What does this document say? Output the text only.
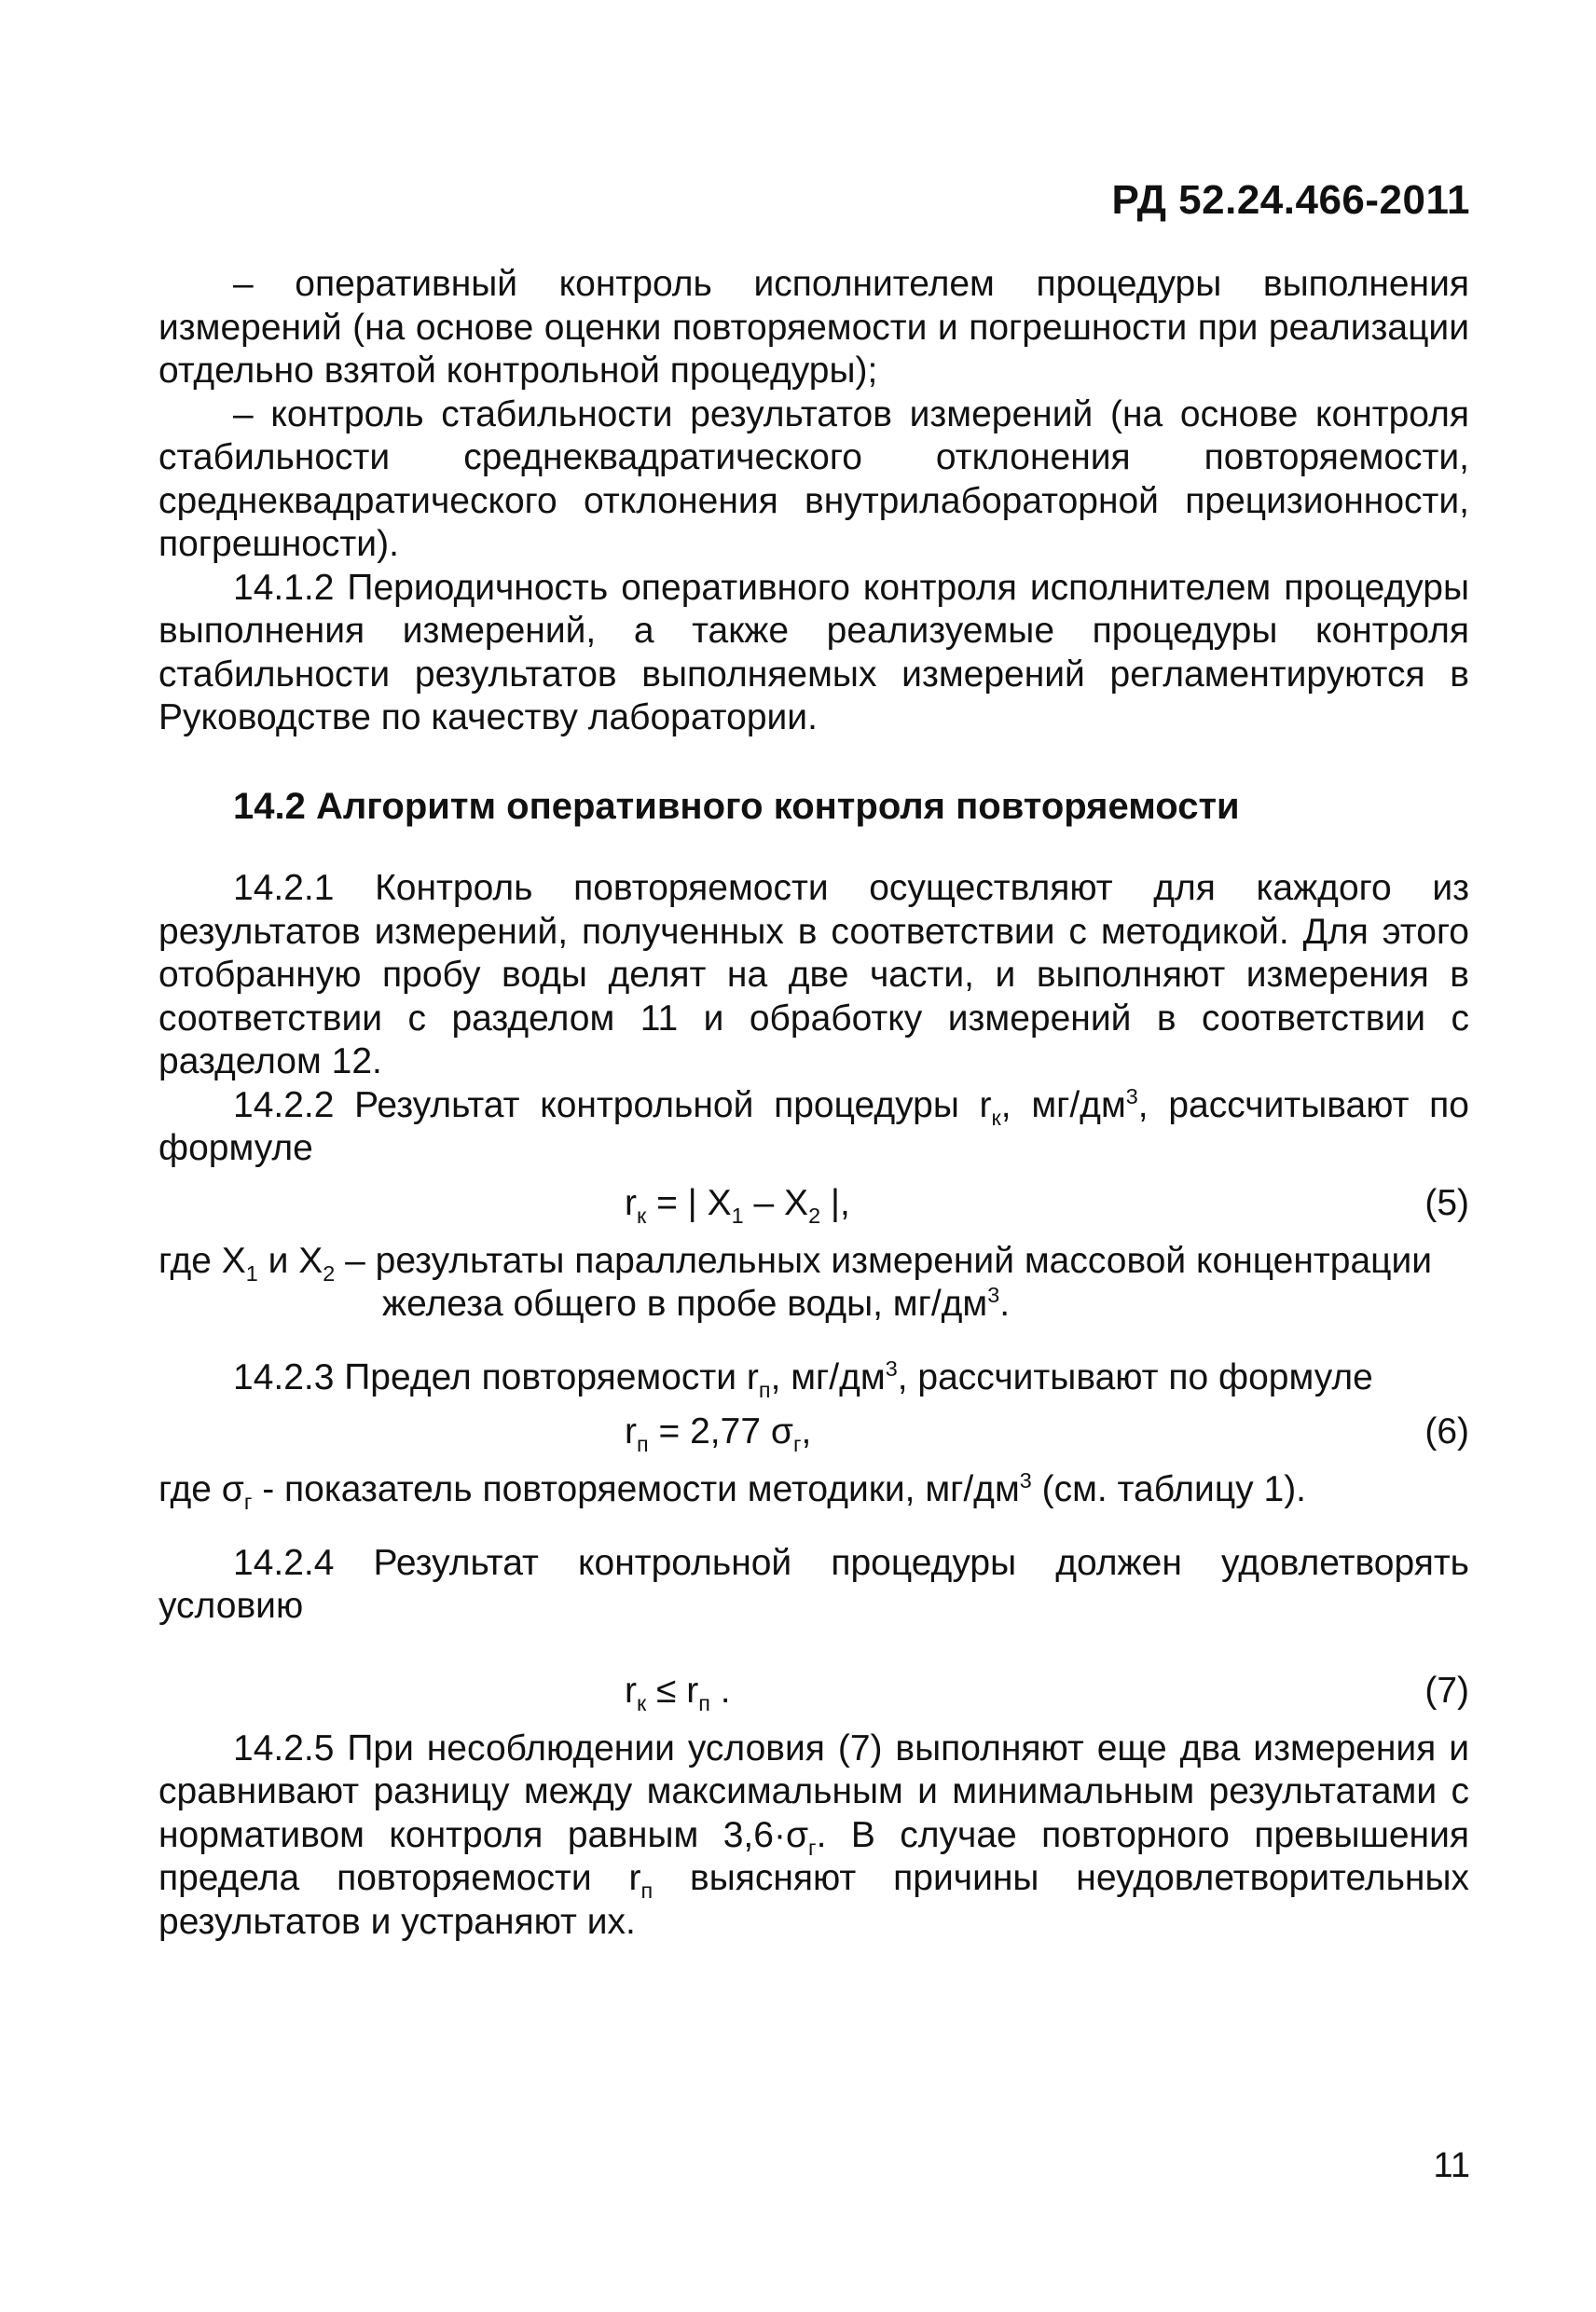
РД 52.24.466-2011

– оперативный контроль исполнителем процедуры выполнения измерений (на основе оценки повторяемости и погрешности при реализации отдельно взятой контрольной процедуры);

– контроль стабильности результатов измерений (на основе контроля стабильности среднеквадратического отклонения повторяемости, среднеквадратического отклонения внутрилабораторной прецизионности, погрешности).

14.1.2 Периодичность оперативного контроля исполнителем процедуры выполнения измерений, а также реализуемые процедуры контроля стабильности результатов выполняемых измерений регламентируются в Руководстве по качеству лаборатории.

14.2 Алгоритм оперативного контроля повторяемости

14.2.1 Контроль повторяемости осуществляют для каждого из результатов измерений, полученных в соответствии с методикой. Для этого отобранную пробу воды делят на две части, и выполняют измерения в соответствии с разделом 11 и обработку измерений в соответствии с разделом 12.

14.2.2 Результат контрольной процедуры $r_к$, $мг/дм^3$, рассчитывают по формуле

$r_к$ = | $X_1 - X_2$ |,	(5)

где $X_1$ и $X_2$ – результаты параллельных измерений массовой концентрации
железа общего в пробе воды, $мг/дм^3$.

14.2.3 Предел повторяемости $r_п$, $мг/дм^3$, рассчитывают по формуле

$r_п = 2,77$ $\sigma_г$,	(6)

где $\sigma_г$ - показатель повторяемости методики, $мг/дм^3$ (см. таблицу 1).

14.2.4 Результат контрольной процедуры должен удовлетворять условию

$r_к \le r_п$ .	(7)

14.2.5 При несоблюдении условия (7) выполняют еще два измерения и сравнивают разницу между максимальным и минимальным результатами с нормативом контроля равным $3,6\cdot\sigma_г$. В случае повторного превышения предела повторяемости $r_п$ выясняют причины неудовлетворительных результатов и устраняют их.

11
